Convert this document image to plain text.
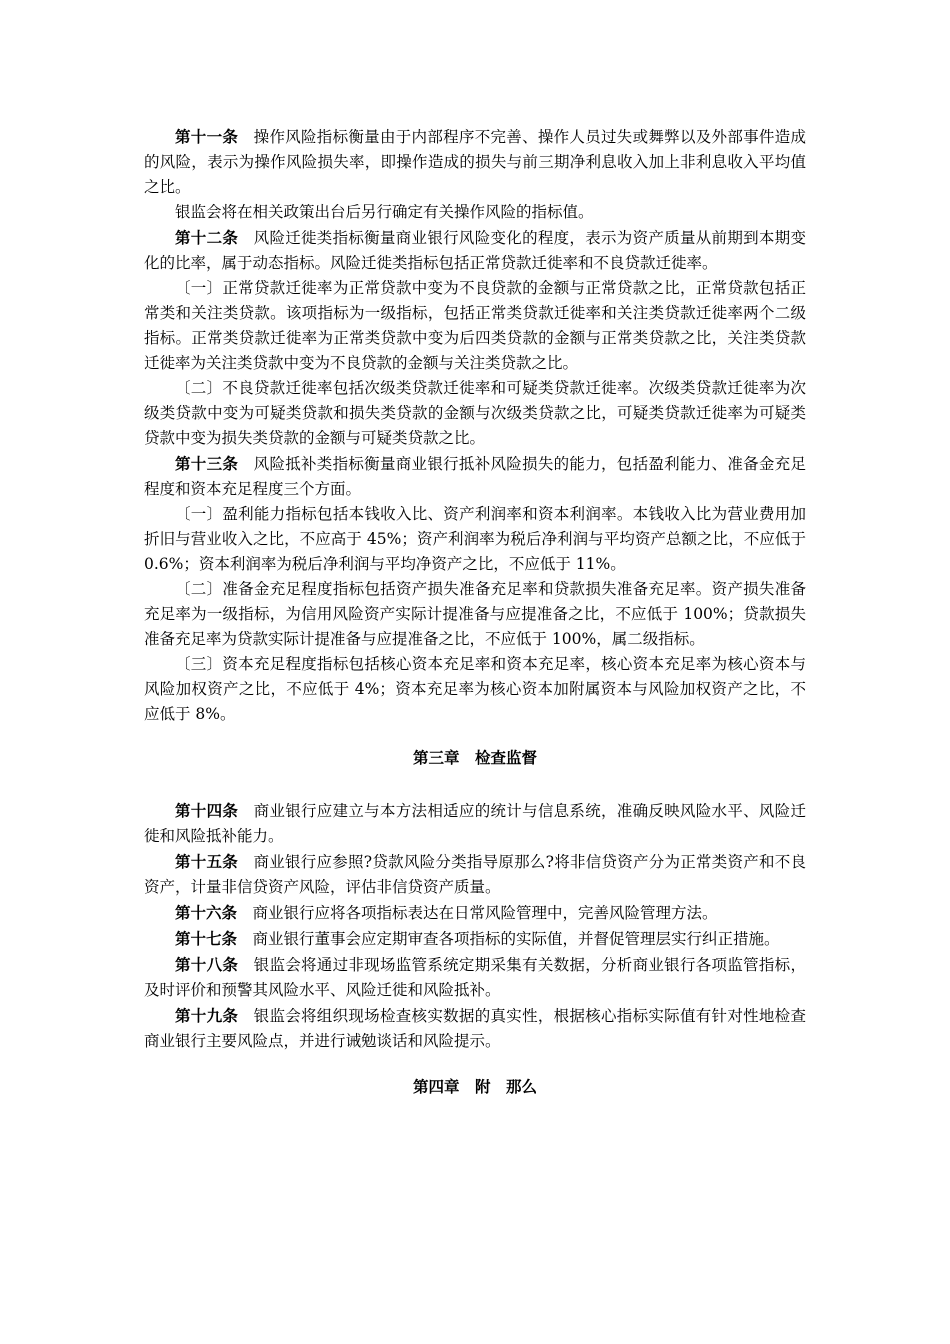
第十一条 操作风险指标衡量由于内部程序不完善、操作人员过失或舞弊以及外部事件造成的风险，表示为操作风险损失率，即操作造成的损失与前三期净利息收入加上非利息收入平均值之比。

银监会将在相关政策出台后另行确定有关操作风险的指标值。

第十二条 风险迁徙类指标衡量商业银行风险变化的程度，表示为资产质量从前期到本期变化的比率，属于动态指标。风险迁徙类指标包括正常贷款迁徙率和不良贷款迁徙率。

〔一〕正常贷款迁徙率为正常贷款中变为不良贷款的金额与正常贷款之比，正常贷款包括正常类和关注类贷款。该项指标为一级指标，包括正常类贷款迁徙率和关注类贷款迁徙率两个二级指标。正常类贷款迁徙率为正常类贷款中变为后四类贷款的金额与正常类贷款之比，关注类贷款迁徙率为关注类贷款中变为不良贷款的金额与关注类贷款之比。

〔二〕不良贷款迁徙率包括次级类贷款迁徙率和可疑类贷款迁徙率。次级类贷款迁徙率为次级类贷款中变为可疑类贷款和损失类贷款的金额与次级类贷款之比，可疑类贷款迁徙率为可疑类贷款中变为损失类贷款的金额与可疑类贷款之比。

第十三条 风险抵补类指标衡量商业银行抵补风险损失的能力，包括盈利能力、准备金充足程度和资本充足程度三个方面。

〔一〕盈利能力指标包括本钱收入比、资产利润率和资本利润率。本钱收入比为营业费用加折旧与营业收入之比，不应高于 45%；资产利润率为税后净利润与平均资产总额之比，不应低于 0.6%；资本利润率为税后净利润与平均净资产之比，不应低于 11%。

〔二〕准备金充足程度指标包括资产损失准备充足率和贷款损失准备充足率。资产损失准备充足率为一级指标，为信用风险资产实际计提准备与应提准备之比，不应低于 100%；贷款损失准备充足率为贷款实际计提准备与应提准备之比，不应低于 100%，属二级指标。

〔三〕资本充足程度指标包括核心资本充足率和资本充足率，核心资本充足率为核心资本与风险加权资产之比，不应低于 4%；资本充足率为核心资本加附属资本与风险加权资产之比，不应低于 8%。

第三章　检查监督

第十四条 商业银行应建立与本方法相适应的统计与信息系统，准确反映风险水平、风险迁徙和风险抵补能力。

第十五条 商业银行应参照?贷款风险分类指导原那么?将非信贷资产分为正常类资产和不良资产，计量非信贷资产风险，评估非信贷资产质量。

第十六条 商业银行应将各项指标表达在日常风险管理中，完善风险管理方法。

第十七条 商业银行董事会应定期审查各项指标的实际值，并督促管理层实行纠正措施。

第十八条 银监会将通过非现场监管系统定期采集有关数据，分析商业银行各项监管指标，及时评价和预警其风险水平、风险迁徙和风险抵补。

第十九条 银监会将组织现场检查核实数据的真实性，根据核心指标实际值有针对性地检查商业银行主要风险点，并进行诫勉谈话和风险提示。

第四章　附　那么
